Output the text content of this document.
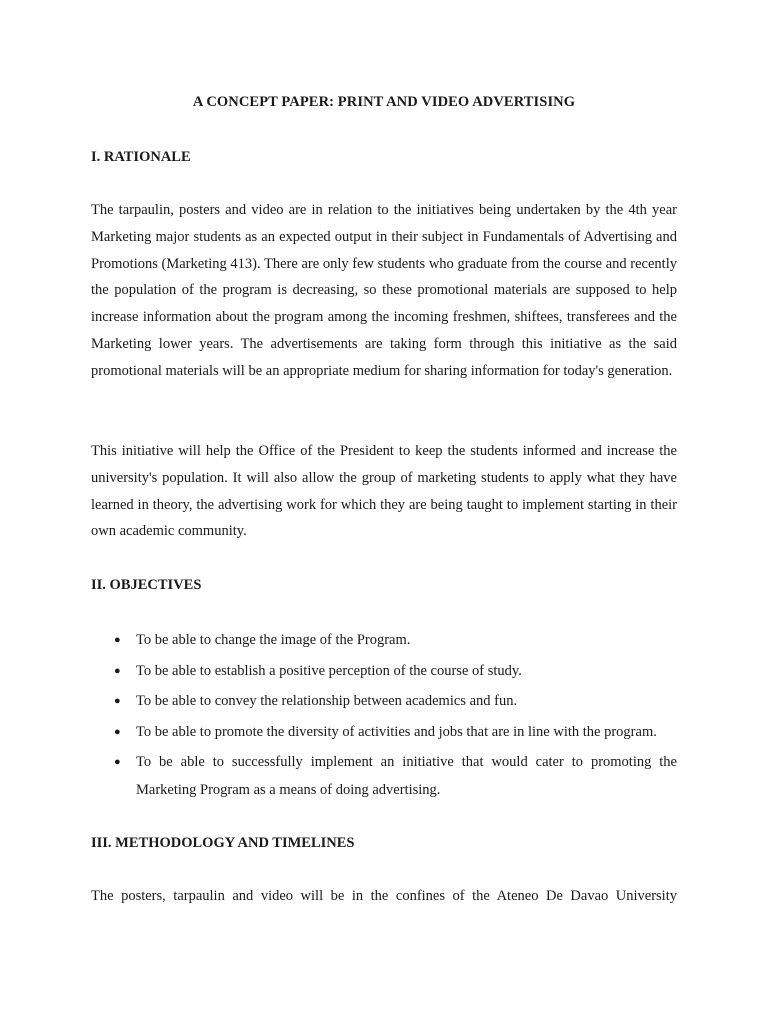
A CONCEPT PAPER: PRINT AND VIDEO ADVERTISING
I. RATIONALE

The tarpaulin, posters and video are in relation to the initiatives being undertaken by the 4th year Marketing major students as an expected output in their subject in Fundamentals of Advertising and Promotions (Marketing 413). There are only few students who graduate from the course and recently the population of the program is decreasing, so these promotional materials are supposed to help increase information about the program among the incoming freshmen, shiftees, transferees and the Marketing lower years. The advertisements are taking form through this initiative as the said promotional materials will be an appropriate medium for sharing information for today's generation.

This initiative will help the Office of the President to keep the students informed and increase the university's population. It will also allow the group of marketing students to apply what they have learned in theory, the advertising work for which they are being taught to implement starting in their own academic community.

II. OBJECTIVES
● To be able to change the image of the Program.
● To be able to establish a positive perception of the course of study.
● To be able to convey the relationship between academics and fun.
● To be able to promote the diversity of activities and jobs that are in line with the program.
● To be able to successfully implement an initiative that would cater to promoting the Marketing Program as a means of doing advertising.
III. METHODOLOGY AND TIMELINES

The posters, tarpaulin and video will be in the confines of the Ateneo De Davao University
